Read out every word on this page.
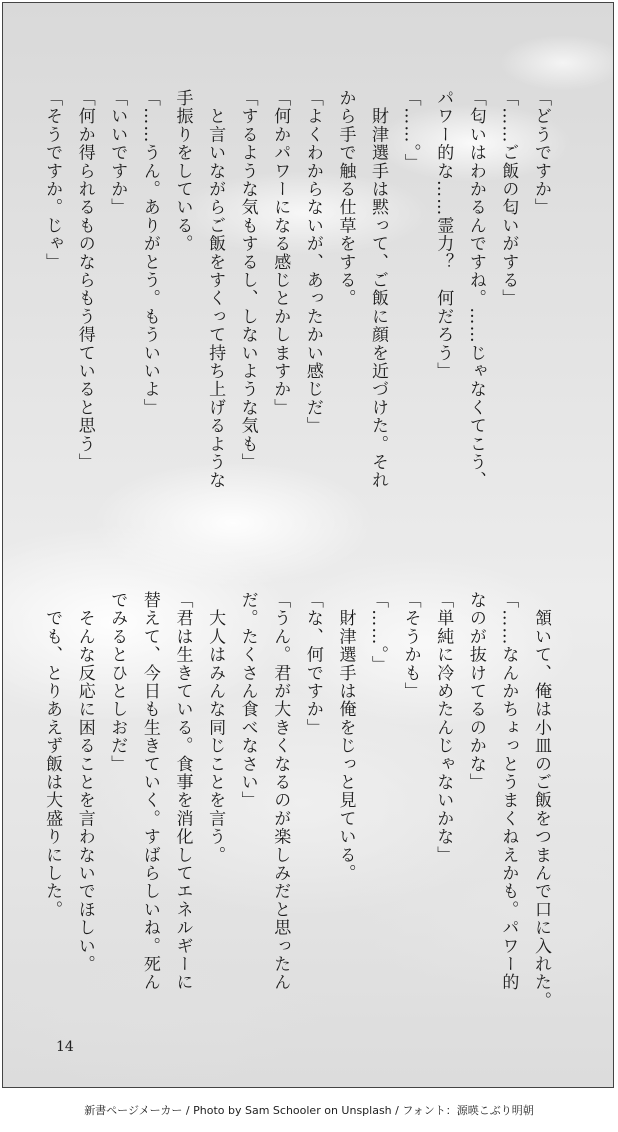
「どうですか」

「……ご飯の匂いがする」

「匂いはわかるんですね。……じゃなくてこう、

パワー的な……霊力？　何だろう」

「……。」

　財津選手は黙って、ご飯に顔を近づけた。それ

から手で触る仕草をする。

「よくわからないが、あったかい感じだ」

「何かパワーになる感じとかしますか」

「するような気もするし、しないような気も」

　と言いながらご飯をすくって持ち上げるような

手振りをしている。

「……うん。ありがとう。もういいよ」

「いいですか」

「何か得られるものならもう得ていると思う」

「そうですか。じゃ」

　頷いて、俺は小皿のご飯をつまんで口に入れた。

「……なんかちょっとうまくねえかも。パワー的

なのが抜けてるのかな」

「単純に冷めたんじゃないかな」

「そうかも」

「……。」

　財津選手は俺をじっと見ている。

「な、何ですか」

「うん。君が大きくなるのが楽しみだと思ったん

だ。たくさん食べなさい」

　大人はみんな同じことを言う。

「君は生きている。食事を消化してエネルギーに

替えて、今日も生きていく。すばらしいね。死ん

でみるとひとしおだ」

　そんな反応に困ることを言わないでほしい。

　でも、とりあえず飯は大盛りにした。

14
新書ページメーカー / Photo by Sam Schooler on Unsplash / フォント：源暎こぶり明朝
